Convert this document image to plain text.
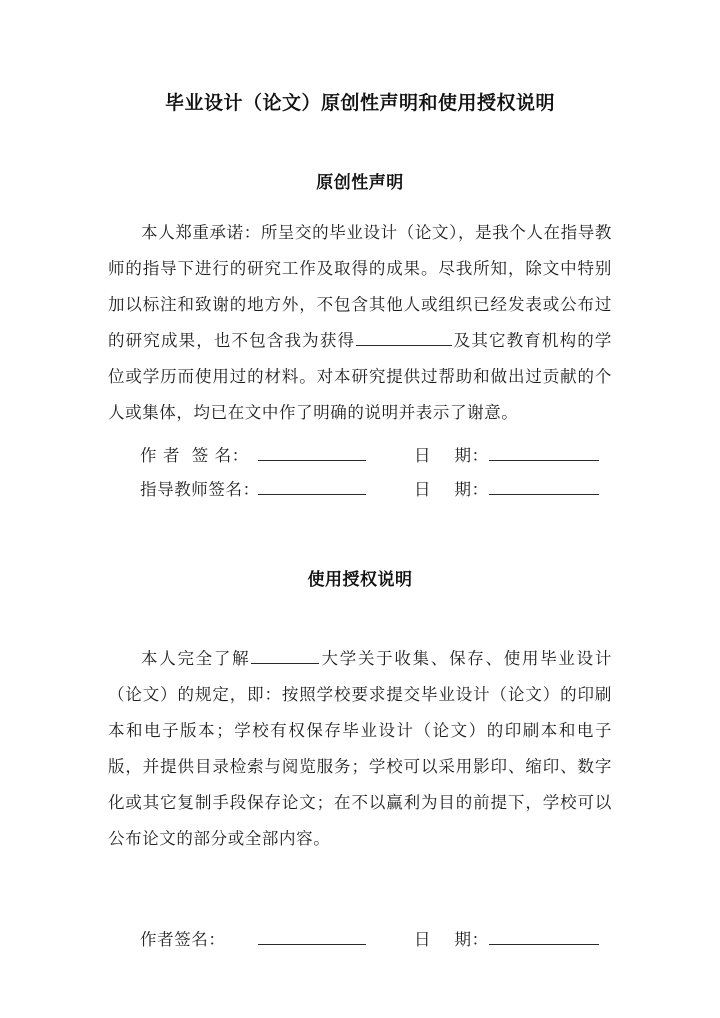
毕业设计（论文）原创性声明和使用授权说明
原创性声明

本人郑重承诺：所呈交的毕业设计（论文），是我个人在指导教师的指导下进行的研究工作及取得的成果。尽我所知，除文中特别加以标注和致谢的地方外，不包含其他人或组织已经发表或公布过的研究成果，也不包含我为获得	及其它教育机构的学位或学历而使用过的材料。对本研究提供过帮助和做出过贡献的个人或集体，均已在文中作了明确的说明并表示了谢意。

作 者  签 名：	日    期：
指导教师签名：	日    期：
使用授权说明

本人完全了解	大学关于收集、保存、使用毕业设计（论文）的规定，即：按照学校要求提交毕业设计（论文）的印刷本和电子版本；学校有权保存毕业设计（论文）的印刷本和电子版，并提供目录检索与阅览服务；学校可以采用影印、缩印、数字化或其它复制手段保存论文；在不以赢利为目的前提下，学校可以公布论文的部分或全部内容。

作者签名：	日    期：
